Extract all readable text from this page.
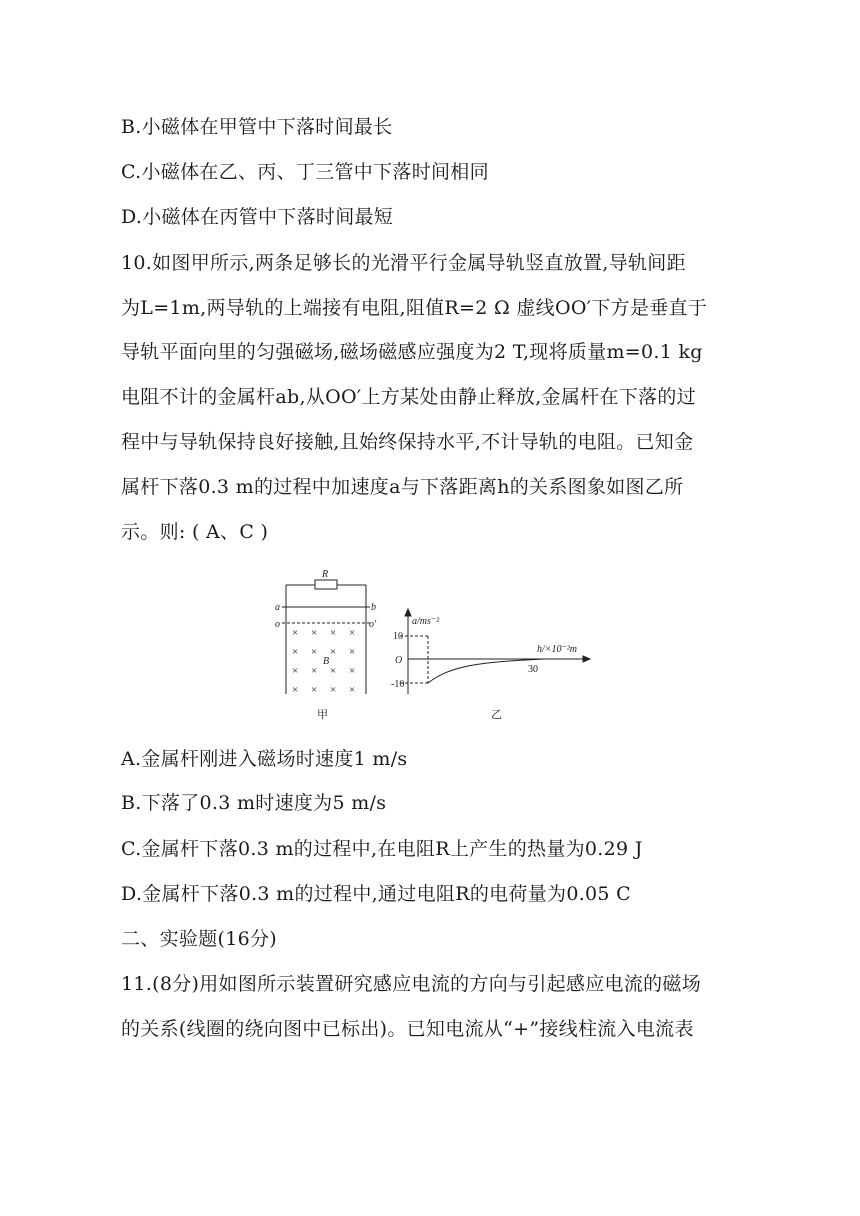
B.小磁体在甲管中下落时间最长
C.小磁体在乙、丙、丁三管中下落时间相同
D.小磁体在丙管中下落时间最短
10.如图甲所示,两条足够长的光滑平行金属导轨竖直放置,导轨间距
为L=1m,两导轨的上端接有电阻,阻值R=2 Ω 虚线OO′下方是垂直于
导轨平面向里的匀强磁场,磁场磁感应强度为2 T,现将质量m=0.1 kg
电阻不计的金属杆ab,从OO′上方某处由静止释放,金属杆在下落的过
程中与导轨保持良好接触,且始终保持水平,不计导轨的电阻。已知金
属杆下落0.3 m的过程中加速度a与下落距离h的关系图象如图乙所
示。则: ( A、C )
R
a	b
o	o′
B
× × × ×
× × × ×
× × × ×
× × × ×
甲
a/ms⁻²
h/×10⁻²m
O
10
-10
30
乙
A.金属杆刚进入磁场时速度1 m/s
B.下落了0.3 m时速度为5 m/s
C.金属杆下落0.3 m的过程中,在电阻R上产生的热量为0.29 J
D.金属杆下落0.3 m的过程中,通过电阻R的电荷量为0.05 C
二、实验题(16分)
11.(8分)用如图所示装置研究感应电流的方向与引起感应电流的磁场
的关系(线圈的绕向图中已标出)。已知电流从“+”接线柱流入电流表
